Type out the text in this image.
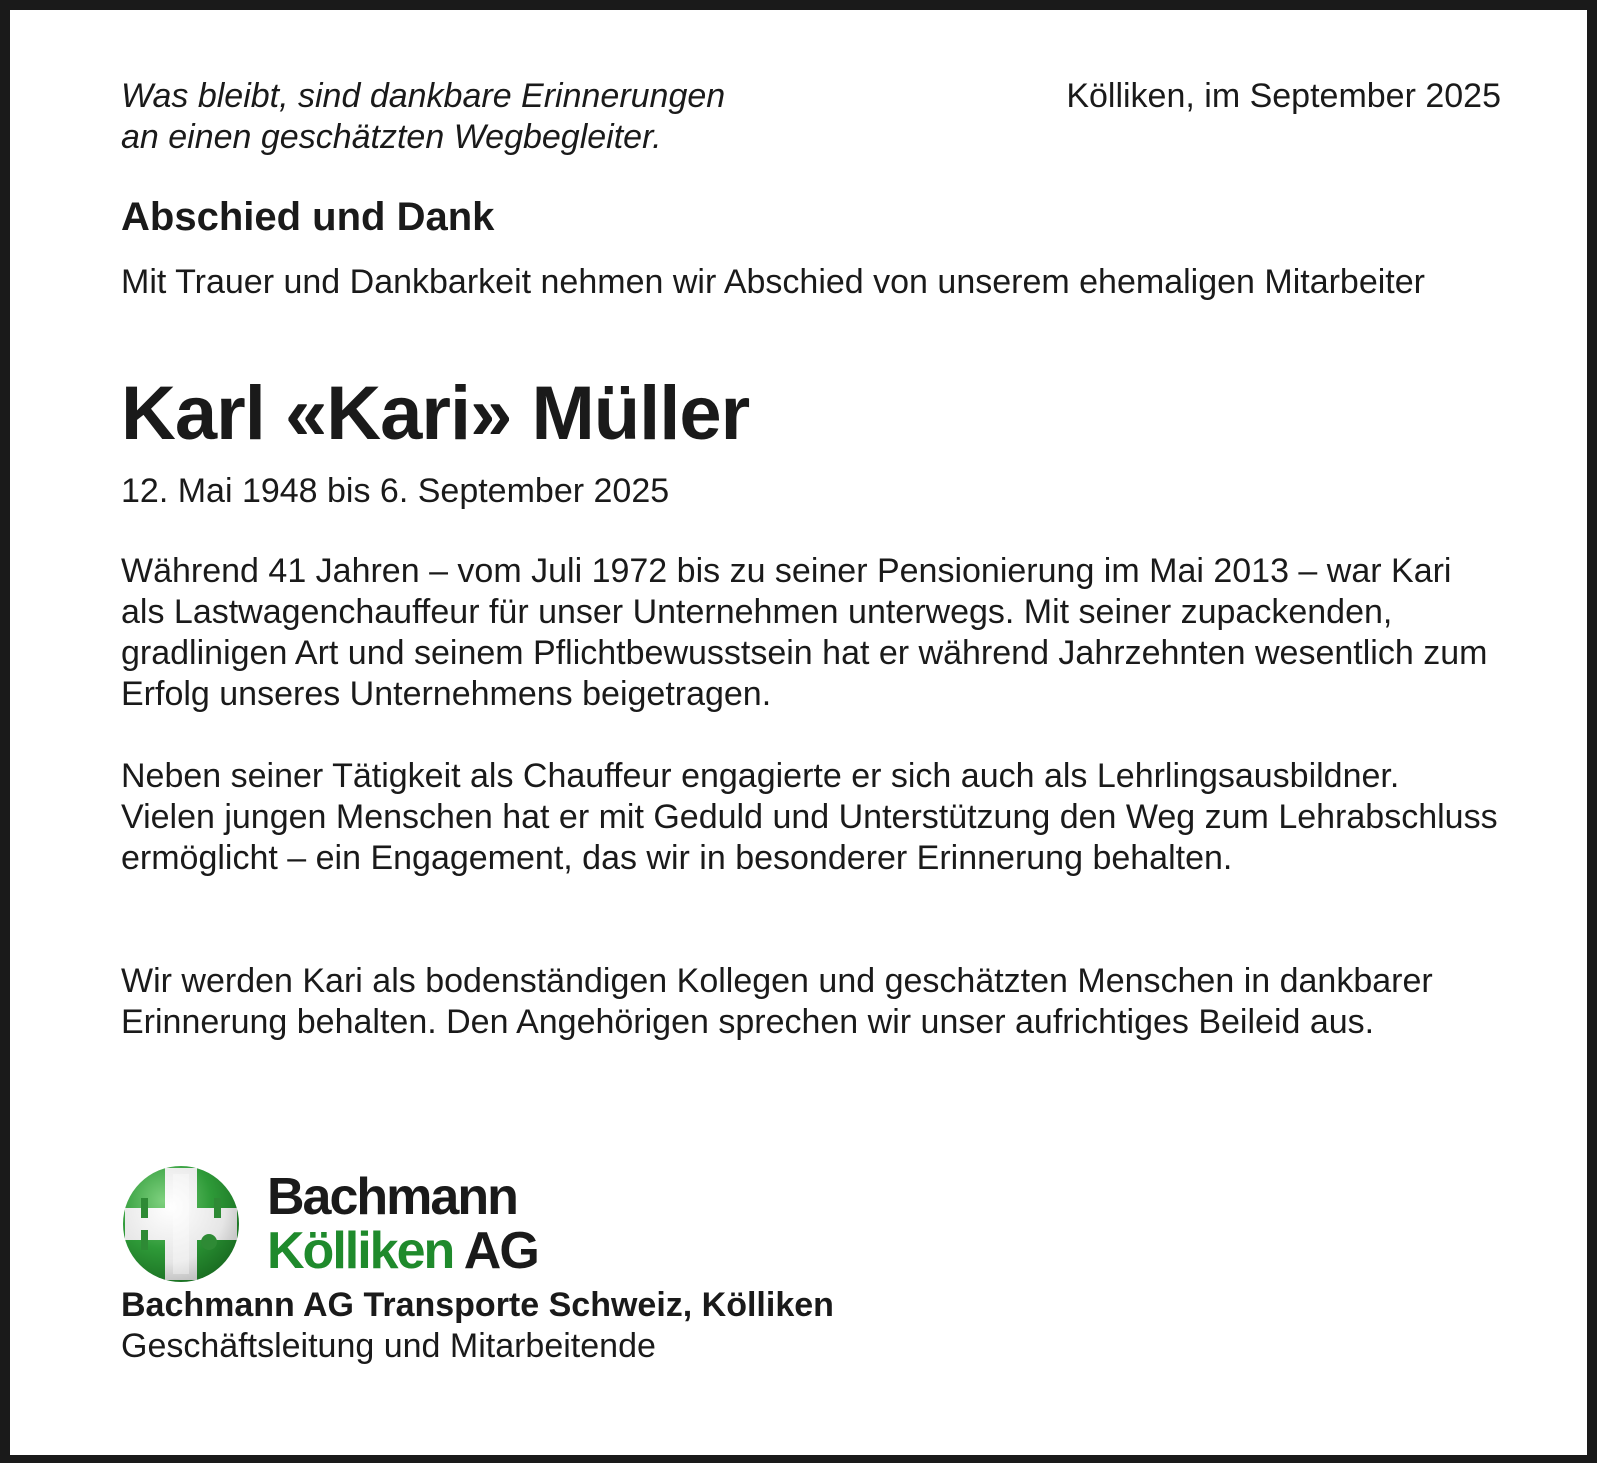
Was bleibt, sind dankbare Erinnerungen
an einen geschätzten Wegbegleiter.
Kölliken, im September 2025
Abschied und Dank
Mit Trauer und Dankbarkeit nehmen wir Abschied von unserem ehemaligen Mitarbeiter
Karl «Kari» Müller
12. Mai 1948 bis 6. September 2025
Während 41 Jahren – vom Juli 1972 bis zu seiner Pensionierung im Mai 2013 – war Kari als Lastwagenchauffeur für unser Unternehmen unterwegs. Mit seiner zupackenden, gradlinigen Art und seinem Pflichtbewusstsein hat er während Jahrzehnten wesentlich zum Erfolg unseres Unternehmens beigetragen.
Neben seiner Tätigkeit als Chauffeur engagierte er sich auch als Lehrlingsausbildner. Vielen jungen Menschen hat er mit Geduld und Unterstützung den Weg zum Lehrabschluss ermöglicht – ein Engagement, das wir in besonderer Erinnerung behalten.
Wir werden Kari als bodenständigen Kollegen und geschätzten Menschen in dankbarer Erinnerung behalten. Den Angehörigen sprechen wir unser aufrichtiges Beileid aus.
Bachmann
Kölliken AG
Bachmann AG Transporte Schweiz, Kölliken
Geschäftsleitung und Mitarbeitende
